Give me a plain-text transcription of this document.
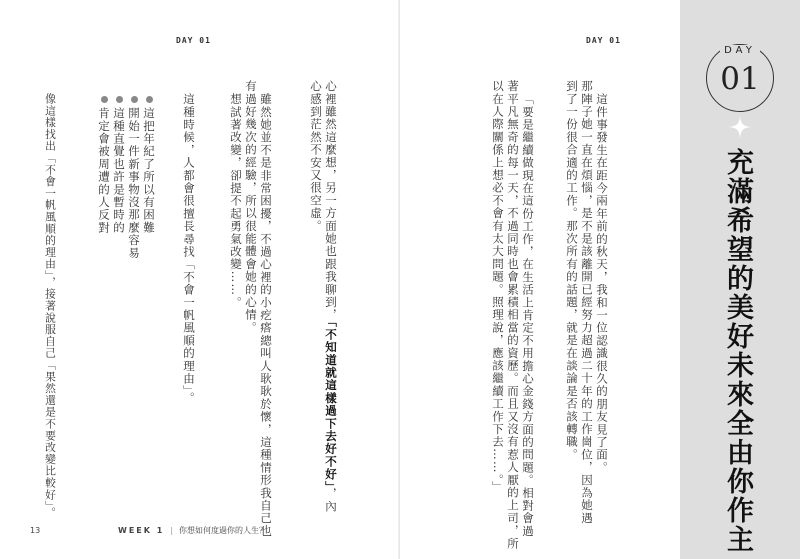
DAY 01
心裡雖然這麼想，另一方面她也跟我聊到，「不知道就這樣過下去好不好」，內
心感到茫然不安又很空虛。
雖然她並不是非常困擾，不過心裡的小疙瘩總叫人耿耿於懷，這種情形我自己也
有過好幾次的經驗，所以很能體會她的心情。
想試著改變，卻提不起勇氣改變……。
這種時候，人都會很擅長尋找「不會一帆風順的理由」。
這把年紀了所以有困難
開始一件新事物沒那麼容易
這種直覺也許是暫時的
肯定會被周遭的人反對
像這樣找出「不會一帆風順的理由」，接著說服自己「果然還是不要改變比較好」。
13	WEEK 1 | 你想如何度過你的人生？
DAY 01
這件事發生在距今兩年前的秋天，我和一位認識很久的朋友見了面。
那陣子她一直在煩惱，是不是該離開已經努力超過二十年的工作崗位，因為她遇
到了一份很合適的工作。那次所有的話題，就是在談論是否該轉職。
「要是繼續做現在這份工作，在生活上肯定不用擔心金錢方面的問題。相對會過
著平凡無奇的每一天，不過同時也會累積相當的資歷。而且又沒有惹人厭的上司，所
以在人際關係上想必不會有太大問題。照理說，應該繼續工作下去……。」
DAY
01
充滿希望的美好未來全由你作主
